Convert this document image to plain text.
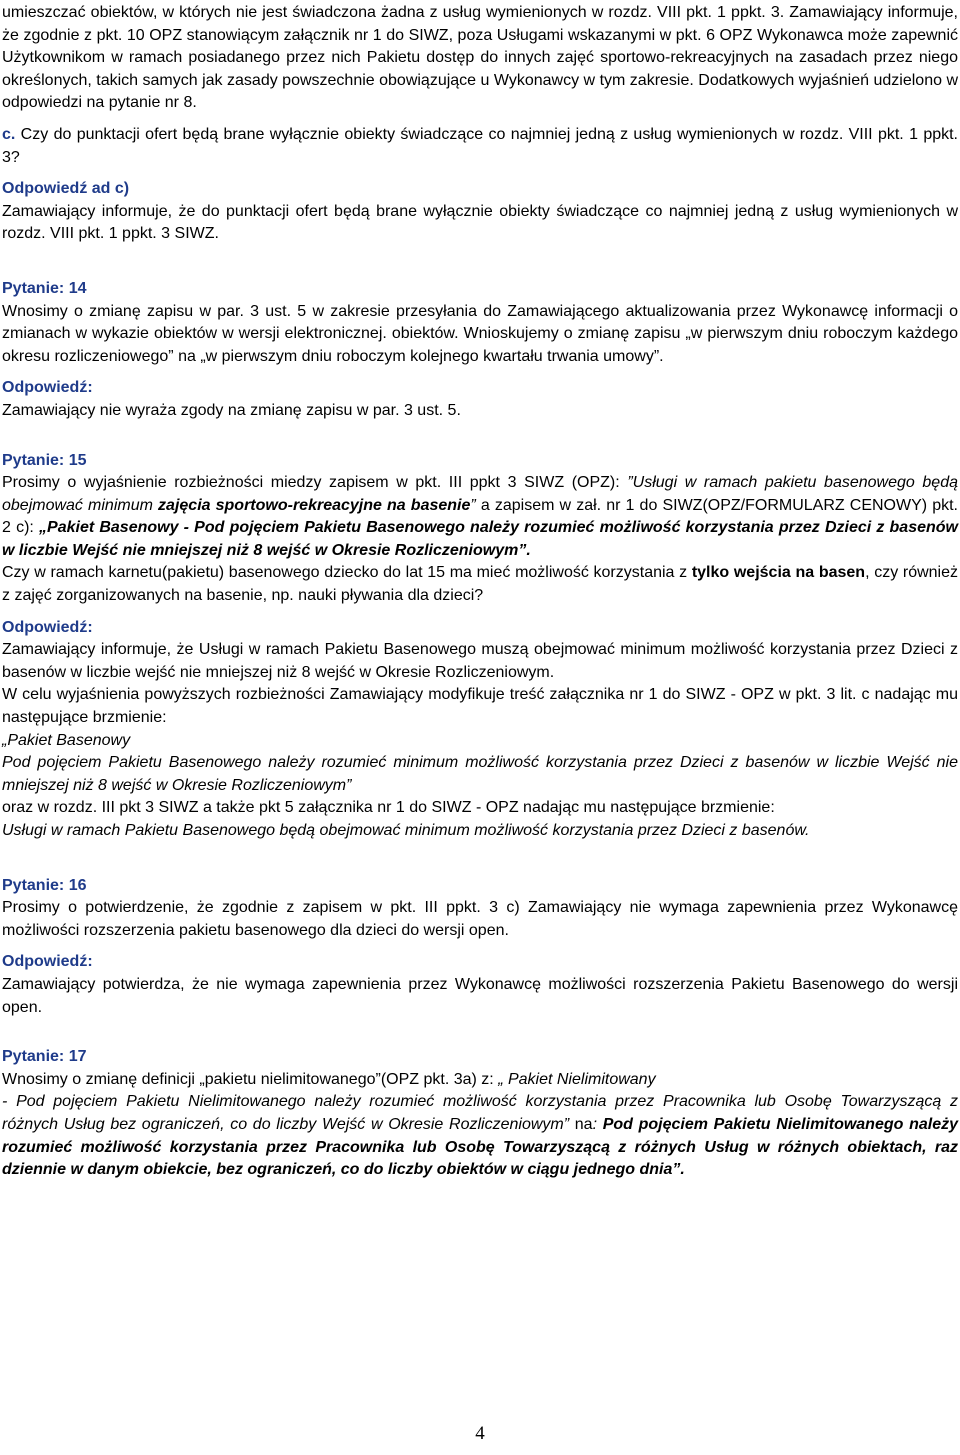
umieszczać obiektów, w których nie jest świadczona żadna z usług wymienionych w rozdz. VIII pkt. 1 ppkt. 3. Zamawiający informuje, że zgodnie z pkt. 10 OPZ stanowiącym załącznik nr 1 do SIWZ, poza Usługami wskazanymi w pkt. 6 OPZ Wykonawca może zapewnić Użytkownikom w ramach posiadanego przez nich Pakietu dostęp do innych zajęć sportowo-rekreacyjnych na zasadach przez niego określonych, takich samych jak zasady powszechnie obowiązujące u Wykonawcy w tym zakresie. Dodatkowych wyjaśnień udzielono w odpowiedzi na pytanie nr 8.

c. Czy do punktacji ofert będą brane wyłącznie obiekty świadczące co najmniej jedną z usług wymienionych w rozdz. VIII pkt. 1 ppkt. 3?

Odpowiedź ad c)

Zamawiający informuje, że do punktacji ofert będą brane wyłącznie obiekty świadczące co najmniej jedną z usług wymienionych w rozdz. VIII pkt. 1 ppkt. 3 SIWZ.

Pytanie: 14

Wnosimy o zmianę zapisu w par. 3 ust. 5 w zakresie przesyłania do Zamawiającego aktualizowania przez Wykonawcę informacji o zmianach w wykazie obiektów w wersji elektronicznej. obiektów. Wnioskujemy o zmianę zapisu „w pierwszym dniu roboczym każdego okresu rozliczeniowego” na „w pierwszym dniu roboczym kolejnego kwartału trwania umowy”.

Odpowiedź:

Zamawiający nie wyraża zgody na zmianę zapisu w par. 3 ust. 5.

Pytanie: 15

Prosimy o wyjaśnienie rozbieżności miedzy zapisem w pkt. III ppkt 3 SIWZ (OPZ): ”Usługi w ramach pakietu basenowego będą obejmować minimum zajęcia sportowo-rekreacyjne na basenie” a zapisem w zał. nr 1 do SIWZ(OPZ/FORMULARZ CENOWY) pkt. 2 c): „Pakiet Basenowy - Pod pojęciem Pakietu Basenowego należy rozumieć możliwość korzystania przez Dzieci z basenów w liczbie Wejść nie mniejszej niż 8 wejść w Okresie Rozliczeniowym”.

Czy w ramach karnetu(pakietu) basenowego dziecko do lat 15 ma mieć możliwość korzystania z tylko wejścia na basen, czy również z zajęć zorganizowanych na basenie, np. nauki pływania dla dzieci?

Odpowiedź:

Zamawiający informuje, że Usługi w ramach Pakietu Basenowego muszą obejmować minimum możliwość korzystania przez Dzieci z basenów w liczbie wejść nie mniejszej niż 8 wejść w Okresie Rozliczeniowym.

W celu wyjaśnienia powyższych rozbieżności Zamawiający modyfikuje treść załącznika nr 1 do SIWZ - OPZ w pkt. 3 lit. c nadając mu następujące brzmienie:

„Pakiet Basenowy

Pod pojęciem Pakietu Basenowego należy rozumieć minimum możliwość korzystania przez Dzieci z basenów w liczbie Wejść nie mniejszej niż 8 wejść w Okresie Rozliczeniowym”

oraz w rozdz. III pkt 3 SIWZ a także pkt 5 załącznika nr 1 do SIWZ - OPZ nadając mu następujące brzmienie:

Usługi w ramach Pakietu Basenowego będą obejmować minimum możliwość korzystania przez Dzieci z basenów.

Pytanie: 16

Prosimy o potwierdzenie, że zgodnie z zapisem w pkt. III ppkt. 3 c) Zamawiający nie wymaga zapewnienia przez Wykonawcę możliwości rozszerzenia pakietu basenowego dla dzieci do wersji open.

Odpowiedź:

Zamawiający potwierdza, że nie wymaga zapewnienia przez Wykonawcę możliwości rozszerzenia Pakietu Basenowego do wersji open.

Pytanie: 17

Wnosimy o zmianę definicji „pakietu nielimitowanego”(OPZ pkt. 3a) z: „ Pakiet Nielimitowany

- Pod pojęciem Pakietu Nielimitowanego należy rozumieć możliwość korzystania przez Pracownika lub Osobę Towarzyszącą z różnych Usług bez ograniczeń, co do liczby Wejść w Okresie Rozliczeniowym” na: Pod pojęciem Pakietu Nielimitowanego należy rozumieć możliwość korzystania przez Pracownika lub Osobę Towarzyszącą z różnych Usług w różnych obiektach, raz dziennie w danym obiekcie, bez ograniczeń, co do liczby obiektów w ciągu jednego dnia”.

4
